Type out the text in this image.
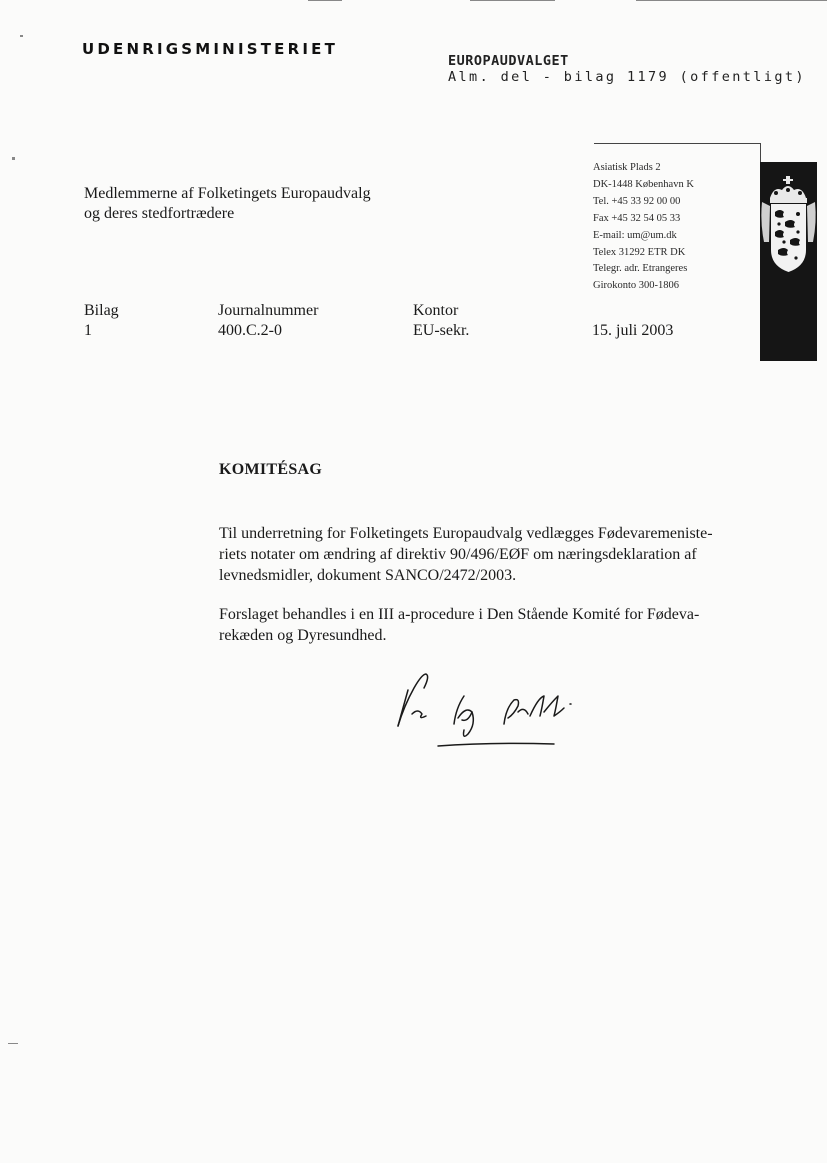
UDENRIGSMINISTERIET
EUROPAUDVALGET
Alm. del - bilag 1179 (offentligt)
Medlemmerne af Folketingets Europaudvalg
og deres stedfortrædere
Asiatisk Plads 2
DK-1448 København K
Tel. +45 33 92 00 00
Fax +45 32 54 05 33
E-mail: um@um.dk
Telex 31292 ETR DK
Telegr. adr. Etrangeres
Girokonto 300-1806
Bilag
1
Journalnummer
400.C.2-0
Kontor
EU-sekr.	15. juli 2003
KOMITÉSAG
Til underretning for Folketingets Europaudvalg vedlægges Fødevaremeniste-
riets notater om ændring af direktiv 90/496/EØF om næringsdeklaration af
levnedsmidler, dokument SANCO/2472/2003.
Forslaget behandles i en III a-procedure i Den Stående Komité for Fødeva-
rekæden og Dyresundhed.
